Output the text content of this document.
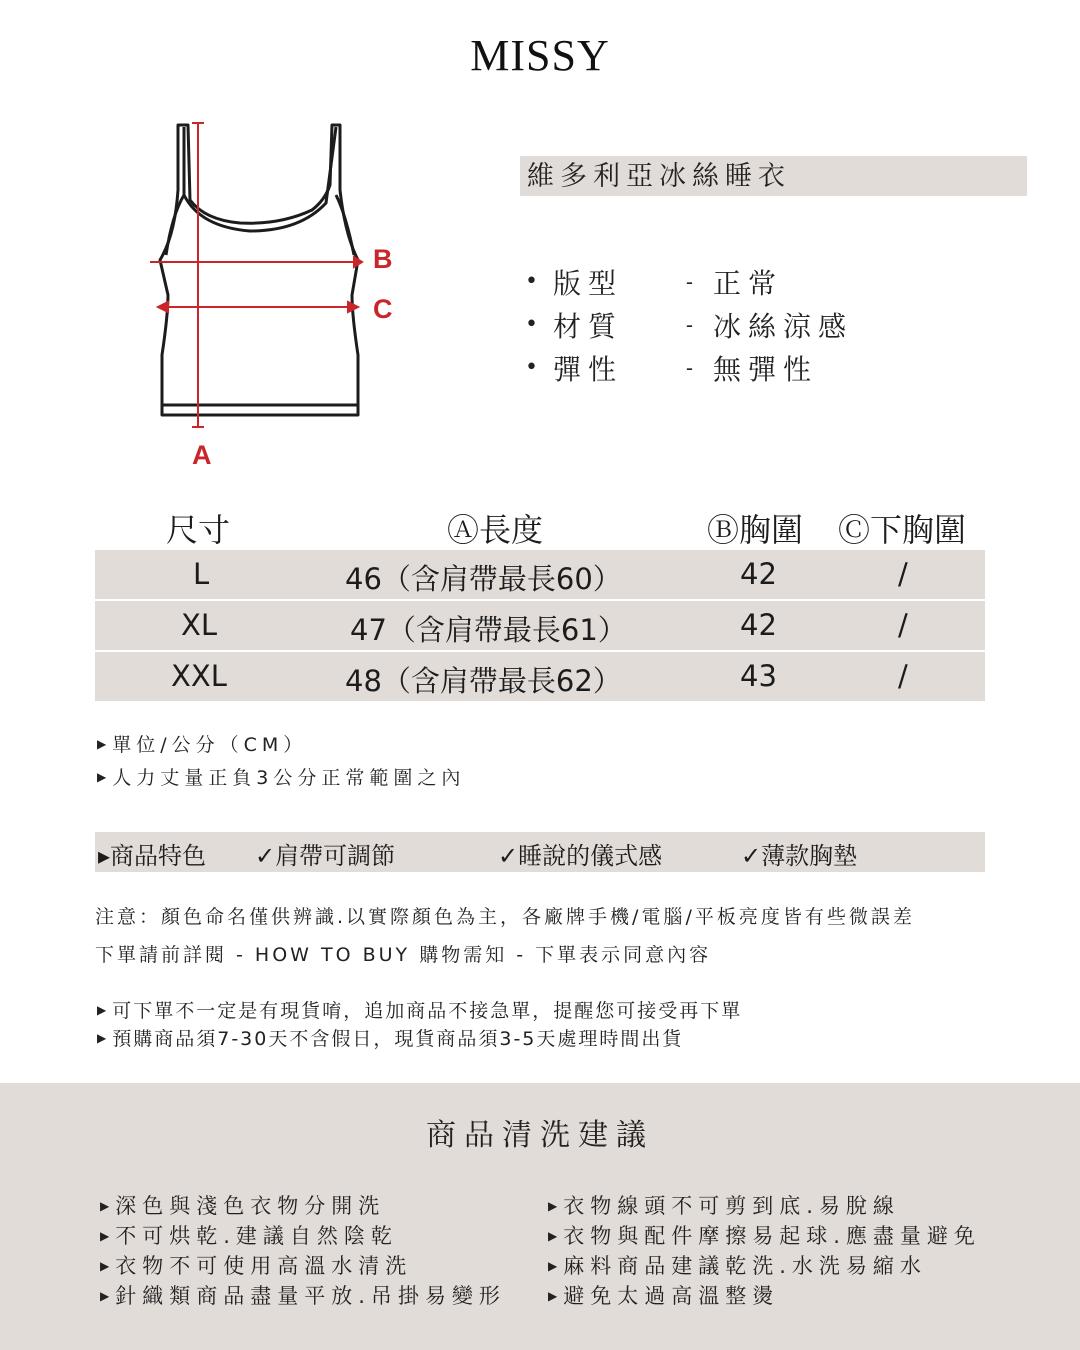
MISSY
B
C
A
維多利亞冰絲睡衣
• 版型	- 正常
• 材質	- 冰絲涼感
• 彈性	- 無彈性
尺寸	Ⓐ長度	Ⓑ胸圍 Ⓒ下胸圍
L	46（含肩帶最長60）	42	/
XL	47（含肩帶最長61）	42	/
XXL	48（含肩帶最長62）	43	/
▶ 單位/公分（CM）
▶ 人力丈量正負3公分正常範圍之內
▸商品特色 ✓肩帶可調節	✓睡說的儀式感	✓薄款胸墊
注意：顏色命名僅供辨識.以實際顏色為主，各廠牌手機/電腦/平板亮度皆有些微誤差
下單請前詳閱 - HOW TO BUY 購物需知 - 下單表示同意內容
▶ 可下單不一定是有現貨唷，追加商品不接急單，提醒您可接受再下單
▶ 預購商品須7-30天不含假日，現貨商品須3-5天處理時間出貨
商品清洗建議
▶ 深色與淺色衣物分開洗
▶ 不可烘乾.建議自然陰乾
▶ 衣物不可使用高溫水清洗
▶ 針織類商品盡量平放.吊掛易變形
▶ 衣物線頭不可剪到底.易脫線
▶ 衣物與配件摩擦易起球.應盡量避免
▶ 麻料商品建議乾洗.水洗易縮水
▶ 避免太過高溫整燙
